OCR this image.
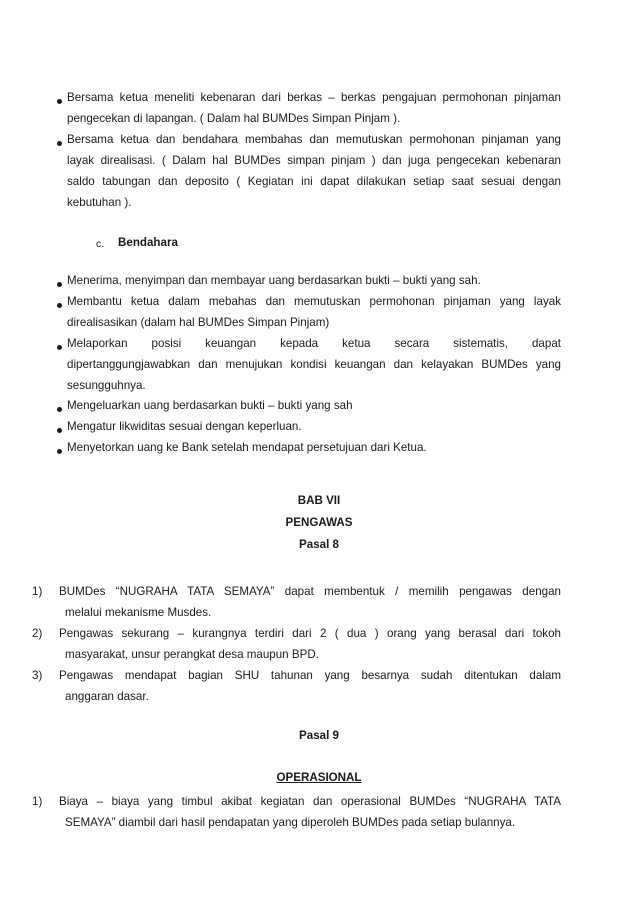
Bersama ketua meneliti kebenaran dari berkas – berkas pengajuan permohonan pinjaman
pengecekan di lapangan. ( Dalam hal BUMDes Simpan Pinjam ).
Bersama ketua dan bendahara membahas dan memutuskan permohonan pinjaman yang
layak direalisasi. ( Dalam hal BUMDes simpan pinjam ) dan juga pengecekan kebenaran
saldo tabungan dan deposito ( Kegiatan ini dapat dilakukan setiap saat sesuai dengan
kebutuhan ).
c. Bendahara
Menerima, menyimpan dan membayar uang berdasarkan bukti – bukti yang sah.
Membantu ketua dalam mebahas dan memutuskan permohonan pinjaman yang layak
direalisasikan (dalam hal BUMDes Simpan Pinjam)
Melaporkan posisi keuangan kepada ketua secara sistematis, dapat
dipertanggungjawabkan dan menujukan kondisi keuangan dan kelayakan BUMDes yang
sesungguhnya.
Mengeluarkan uang berdasarkan bukti – bukti yang sah
Mengatur likwiditas sesuai dengan keperluan.
Menyetorkan uang ke Bank setelah mendapat persetujuan dari Ketua.
BAB VII
PENGAWAS
Pasal 8
1) BUMDes “NUGRAHA TATA SEMAYA” dapat membentuk / memilih pengawas dengan
melalui mekanisme Musdes.
2) Pengawas sekurang – kurangnya terdiri dari 2 ( dua ) orang yang berasal dari tokoh
masyarakat, unsur perangkat desa maupun BPD.
3) Pengawas mendapat bagian SHU tahunan yang besarnya sudah ditentukan dalam
anggaran dasar.
Pasal 9
OPERASIONAL
1) Biaya – biaya yang timbul akibat kegiatan dan operasional BUMDes “NUGRAHA TATA
SEMAYA” diambil dari hasil pendapatan yang diperoleh BUMDes pada setiap bulannya.
